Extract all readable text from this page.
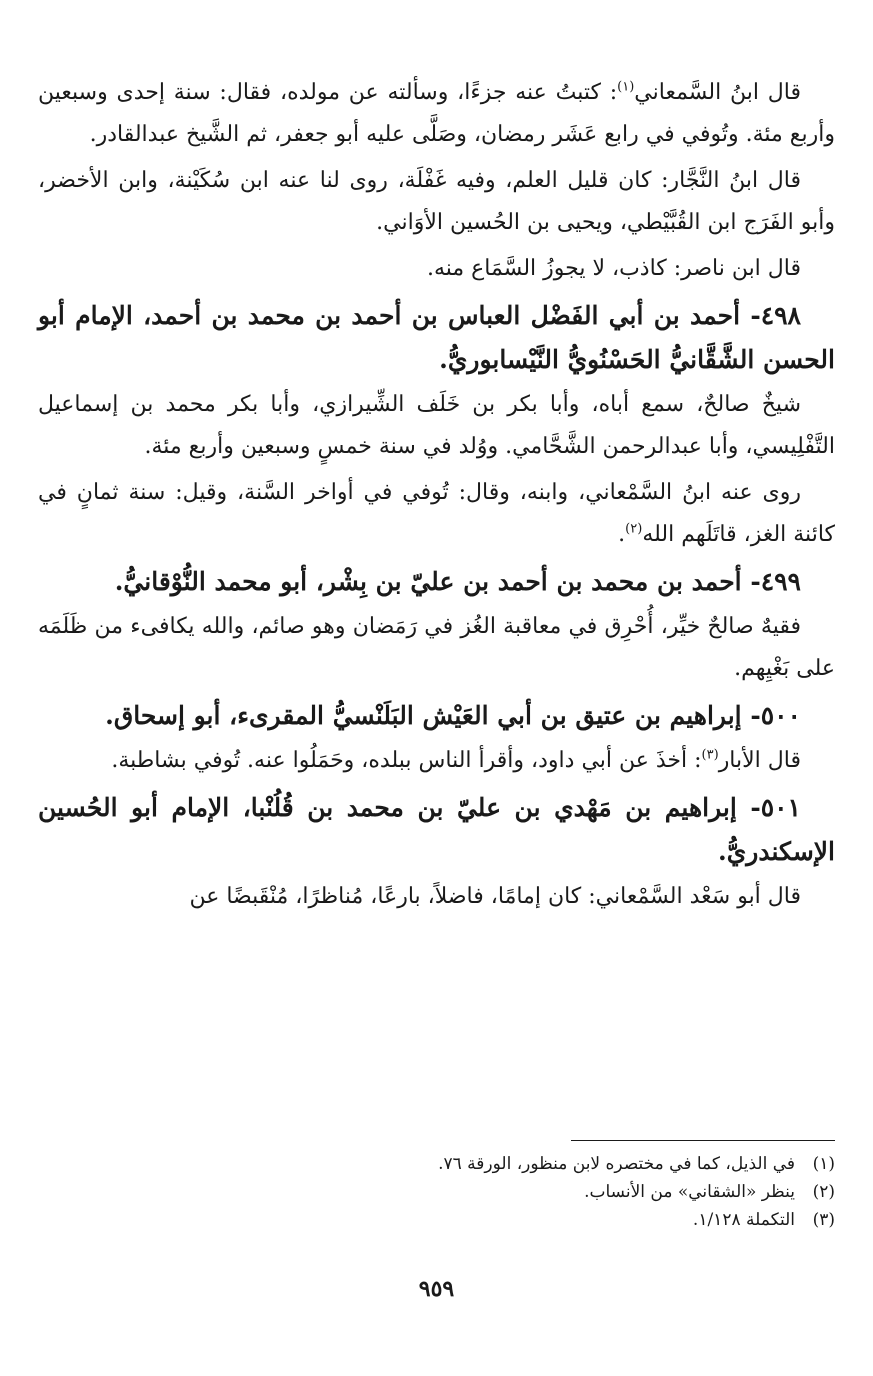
قال ابنُ السَّمعاني$^{(١)}$: كتبتُ عنه جزءًا، وسألته عن مولده، فقال: سنة إحدى وسبعين وأربع مئة. وتُوفي في رابع عَشَر رمضان، وصَلَّى عليه أبو جعفر، ثم الشَّيخ عبدالقادر.

قال ابنُ النَّجَّار: كان قليل العلم، وفيه غَفْلَة، روى لنا عنه ابن سُكَيْنة، وابن الأخضر، وأبو الفَرَج ابن القُبَّيْطي، ويحيى بن الحُسين الأوَاني.

قال ابن ناصر: كاذب، لا يجوزُ السَّمَاع منه.

٤٩٨- أحمد بن أبي الفَضْل العباس بن أحمد بن محمد بن أحمد، الإمام أبو الحسن الشَّقَّانيُّ الحَسْنُويُّ النَّيْسابوريُّ.

شيخٌ صالحٌ، سمع أباه، وأبا بكر بن خَلَف الشِّيرازي، وأبا بكر محمد بن إسماعيل التَّفْلِيسي، وأبا عبدالرحمن الشَّحَّامي. ووُلد في سنة خمسٍ وسبعين وأربع مئة.

روى عنه ابنُ السَّمْعاني، وابنه، وقال: تُوفي في أواخر السَّنة، وقيل: سنة ثمانٍ في كائنة الغز، قاتَلَهم الله$^{(٢)}$.

٤٩٩- أحمد بن محمد بن أحمد بن عليّ بن بِشْر، أبو محمد النُّوْقانيُّ.

فقيهٌ صالحٌ خيِّر، أُحْرِق في معاقبة الغُز في رَمَضان وهو صائم، والله يكافىء من ظَلَمَه على بَغْيِهم.

٥٠٠- إبراهيم بن عتيق بن أبي العَيْش البَلَنْسيُّ المقرىء، أبو إسحاق.

قال الأبار$^{(٣)}$: أخذَ عن أبي داود، وأقرأ الناس ببلده، وحَمَلُوا عنه. تُوفي بشاطبة.

٥٠١- إبراهيم بن مَهْدي بن عليّ بن محمد بن قُلُنْبا، الإمام أبو الحُسين الإسكندريُّ.

قال أبو سَعْد السَّمْعاني: كان إمامًا، فاضلاً، بارعًا، مُناظرًا، مُنْقَبضًا عن

(١)
في الذيل، كما في مختصره لابن منظور، الورقة ٧٦.
(٢)
ينظر «الشقاني» من الأنساب.
(٣)
التكملة ١/١٢٨.
٩٥٩
